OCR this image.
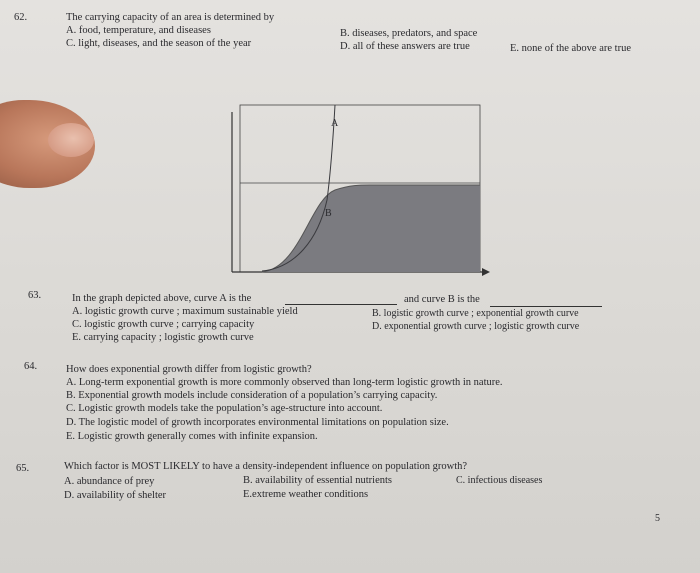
62.	The carrying capacity of an area is determined by
A. food, temperature, and diseases	B. diseases, predators, and space
C. light, diseases, and the season of the year	D. all of these answers are true	E. none of the above are true
A
B
63.	In the graph depicted above, curve A is the	and curve B is the
A. logistic growth curve ; maximum sustainable yield	B. logistic growth curve ; exponential growth curve
C. logistic growth curve ; carrying capacity	D. exponential growth curve ; logistic growth curve
E. carrying capacity ; logistic growth curve
64.	How does exponential growth differ from logistic growth?
A. Long-term exponential growth is more commonly observed than long-term logistic growth in nature.
B. Exponential growth models include consideration of a population’s carrying capacity.
C. Logistic growth models take the population’s age-structure into account.
D. The logistic model of growth incorporates environmental limitations on population size.
E. Logistic growth generally comes with infinite expansion.
65.	Which factor is MOST LIKELY to have a density-independent influence on population growth?
A. abundance of prey	B. availability of essential nutrients	C. infectious diseases
D. availability of shelter	E.extreme weather conditions
5
